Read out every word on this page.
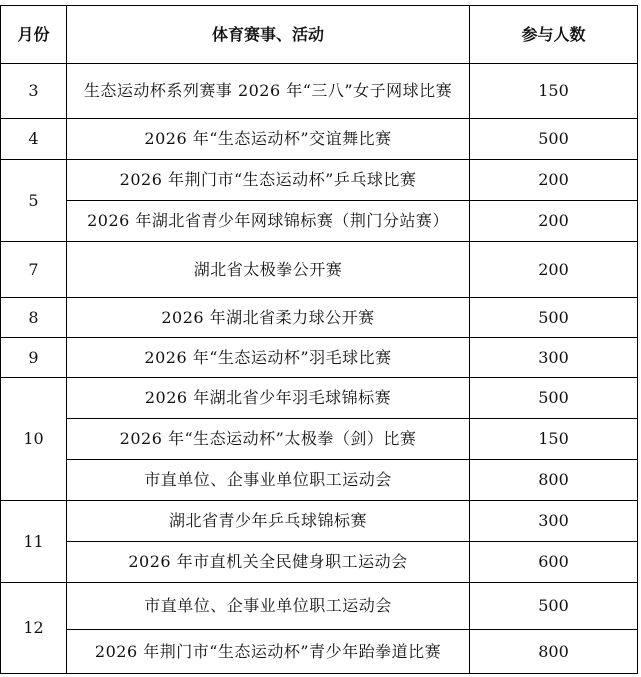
月份	体育赛事、活动	参与人数
3	生态运动杯系列赛事 2026 年“三八”女子网球比赛	150
4	2026 年“生态运动杯”交谊舞比赛	500
5	2026 年荆门市“生态运动杯”乒乓球比赛	200
	2026 年湖北省青少年网球锦标赛（荆门分站赛）	200
7	湖北省太极拳公开赛	200
8	2026 年湖北省柔力球公开赛	500
9	2026 年“生态运动杯”羽毛球比赛	300
10	2026 年湖北省少年羽毛球锦标赛	500
	2026 年“生态运动杯”太极拳（剑）比赛	150
	市直单位、企事业单位职工运动会	800
11	湖北省青少年乒乓球锦标赛	300
	2026 年市直机关全民健身职工运动会	600
12	市直单位、企事业单位职工运动会	500
	2026 年荆门市“生态运动杯”青少年跆拳道比赛	800
